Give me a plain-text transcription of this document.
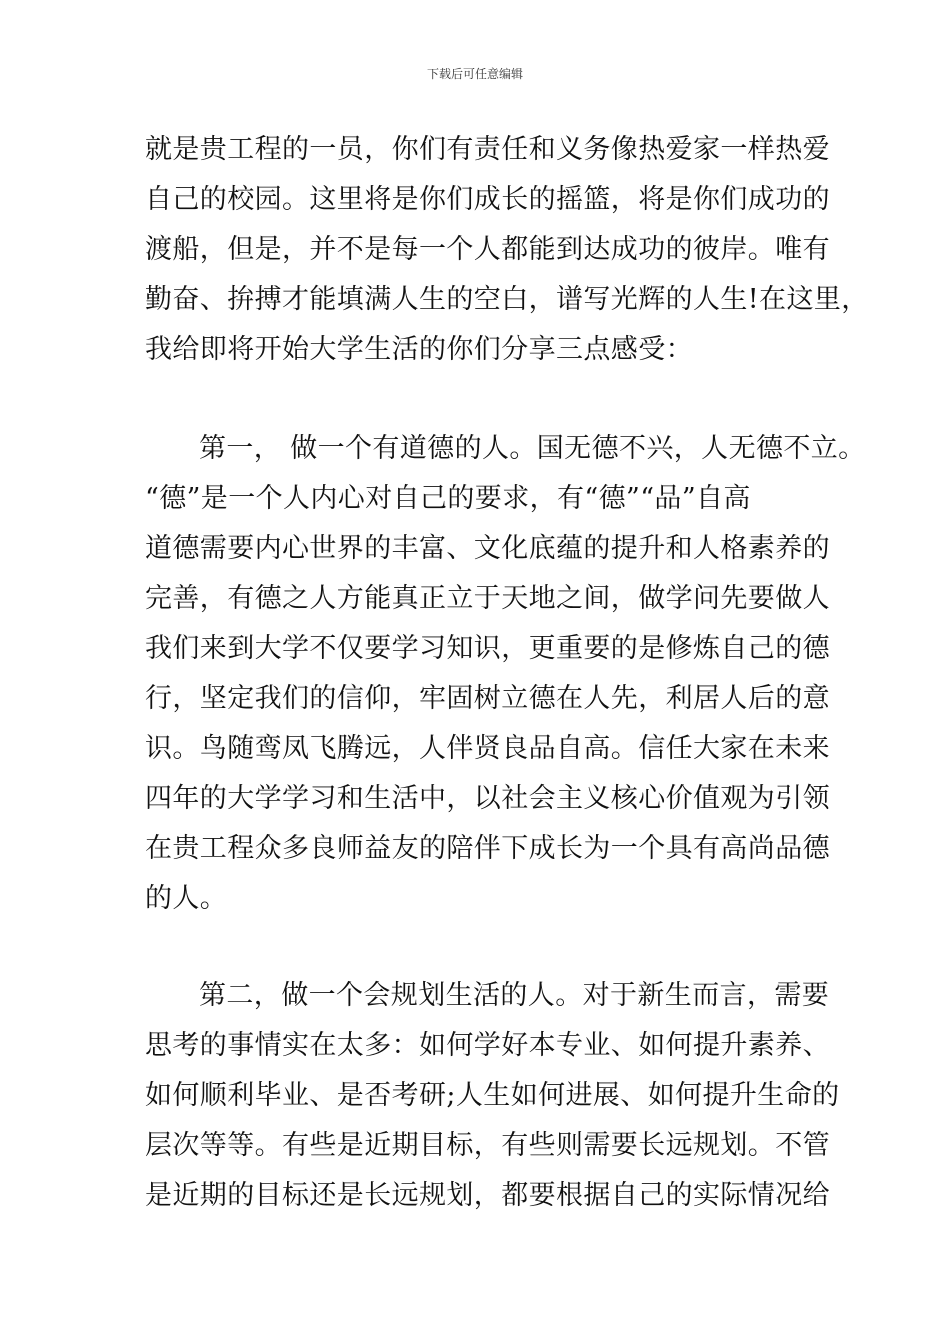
下载后可任意编辑
就是贵工程的一员，你们有责任和义务像热爱家一样热爱
自己的校园。这里将是你们成长的摇篮，将是你们成功的
渡船，但是，并不是每一个人都能到达成功的彼岸。唯有
勤奋、拚搏才能填满人生的空白，谱写光辉的人生!在这里，
我给即将开始大学生活的你们分享三点感受：
第一， 做一个有道德的人。国无德不兴，人无德不立。
“德”是一个人内心对自己的要求，有“德”“品”自高
道德需要内心世界的丰富、文化底蕴的提升和人格素养的
完善，有德之人方能真正立于天地之间，做学问先要做人
我们来到大学不仅要学习知识，更重要的是修炼自己的德
行，坚定我们的信仰，牢固树立德在人先，利居人后的意
识。鸟随鸾凤飞腾远，人伴贤良品自高。信任大家在未来
四年的大学学习和生活中，以社会主义核心价值观为引领
在贵工程众多良师益友的陪伴下成长为一个具有高尚品德
的人。
第二，做一个会规划生活的人。对于新生而言，需要
思考的事情实在太多：如何学好本专业、如何提升素养、
如何顺利毕业、是否考研;人生如何进展、如何提升生命的
层次等等。有些是近期目标，有些则需要长远规划。不管
是近期的目标还是长远规划，都要根据自己的实际情况给
